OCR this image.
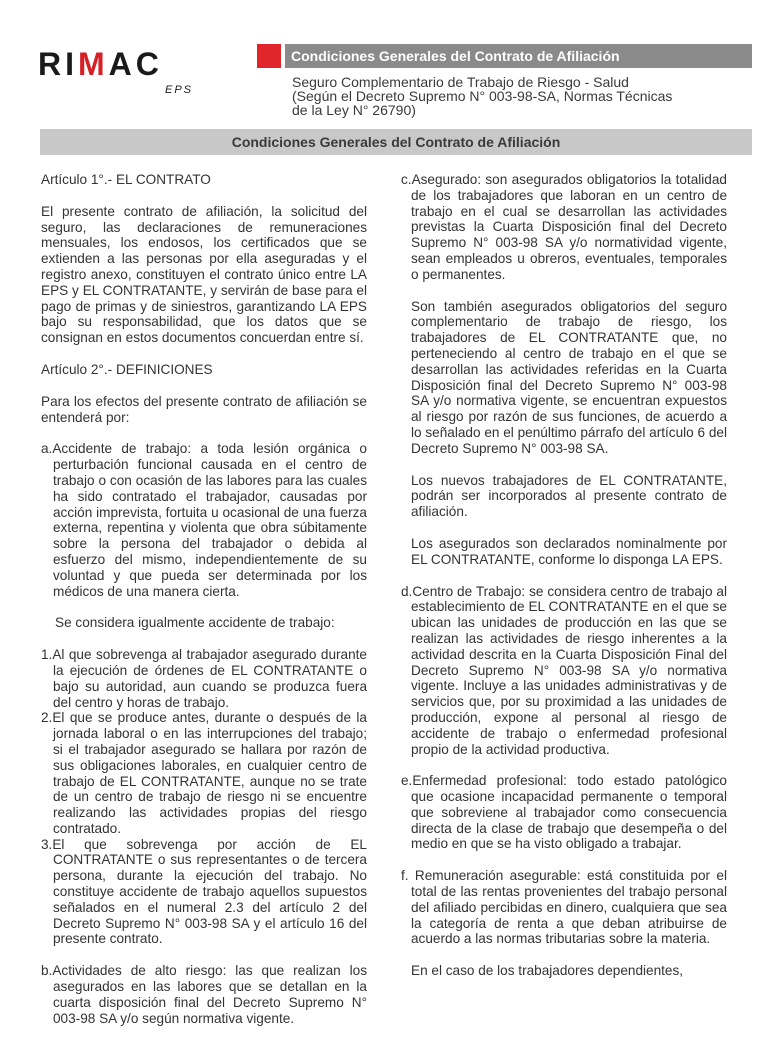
RIMAC
EPS
Condiciones Generales del Contrato de Afiliación
Seguro Complementario de Trabajo de Riesgo - Salud
(Según el Decreto Supremo N° 003-98-SA, Normas Técnicas
de la Ley N° 26790)
Condiciones Generales del Contrato de Afiliación

Artículo 1°.- EL CONTRATO

El presente contrato de afiliación, la solicitud del seguro, las declaraciones de remuneraciones mensuales, los endosos, los certificados que se extienden a las personas por ella aseguradas y el registro anexo, constituyen el contrato único entre LA EPS y EL CONTRATANTE, y servirán de base para el pago de primas y de siniestros, garantizando LA EPS bajo su responsabilidad, que los datos que se consignan en estos documentos concuerdan entre sí.

Artículo 2°.- DEFINICIONES

Para los efectos del presente contrato de afiliación se entenderá por:

a.Accidente de trabajo: a toda lesión orgánica o perturbación funcional causada en el centro de trabajo o con ocasión de las labores para las cuales ha sido contratado el trabajador, causadas por acción imprevista, fortuita u ocasional de una fuerza externa, repentina y violenta que obra súbitamente sobre la persona del trabajador o debida al esfuerzo del mismo, independientemente de su voluntad y que pueda ser determinada por los médicos de una manera cierta.

Se considera igualmente accidente de trabajo:

1.Al que sobrevenga al trabajador asegurado durante la ejecución de órdenes de EL CONTRATANTE o bajo su autoridad, aun cuando se produzca fuera del centro y horas de trabajo.

2.El que se produce antes, durante o después de la jornada laboral o en las interrupciones del trabajo; si el trabajador asegurado se hallara por razón de sus obligaciones laborales, en cualquier centro de trabajo de EL CONTRATANTE, aunque no se trate de un centro de trabajo de riesgo ni se encuentre realizando las actividades propias del riesgo contratado.

3.El que sobrevenga por acción de EL CONTRATANTE o sus representantes o de tercera persona, durante la ejecución del trabajo. No constituye accidente de trabajo aquellos supuestos señalados en el numeral 2.3 del artículo 2 del Decreto Supremo N° 003-98 SA y el artículo 16 del presente contrato.

b.Actividades de alto riesgo: las que realizan los asegurados en las labores que se detallan en la cuarta disposición final del Decreto Supremo N° 003-98 SA y/o según normativa vigente.

c.Asegurado: son asegurados obligatorios la totalidad de los trabajadores que laboran en un centro de trabajo en el cual se desarrollan las actividades previstas la Cuarta Disposición final del Decreto Supremo N° 003-98 SA y/o normatividad vigente, sean empleados u obreros, eventuales, temporales o permanentes.

Son también asegurados obligatorios del seguro complementario de trabajo de riesgo, los trabajadores de EL CONTRATANTE que, no perteneciendo al centro de trabajo en el que se desarrollan las actividades referidas en la Cuarta Disposición final del Decreto Supremo N° 003-98 SA y/o normativa vigente, se encuentran expuestos al riesgo por razón de sus funciones, de acuerdo a lo señalado en el penúltimo párrafo del artículo 6 del Decreto Supremo N° 003-98 SA.

Los nuevos trabajadores de EL CONTRATANTE, podrán ser incorporados al presente contrato de afiliación.

Los asegurados son declarados nominalmente por EL CONTRATANTE, conforme lo disponga LA EPS.

d.Centro de Trabajo: se considera centro de trabajo al establecimiento de EL CONTRATANTE en el que se ubican las unidades de producción en las que se realizan las actividades de riesgo inherentes a la actividad descrita en la Cuarta Disposición Final del Decreto Supremo N° 003-98 SA y/o normativa vigente. Incluye a las unidades administrativas y de servicios que, por su proximidad a las unidades de producción, expone al personal al riesgo de accidente de trabajo o enfermedad profesional propio de la actividad productiva.

e.Enfermedad profesional: todo estado patológico que ocasione incapacidad permanente o temporal que sobreviene al trabajador como consecuencia directa de la clase de trabajo que desempeña o del medio en que se ha visto obligado a trabajar.

f. Remuneración asegurable: está constituida por el total de las rentas provenientes del trabajo personal del afiliado percibidas en dinero, cualquiera que sea la categoría de renta a que deban atribuirse de acuerdo a las normas tributarias sobre la materia.

En el caso de los trabajadores dependientes,
